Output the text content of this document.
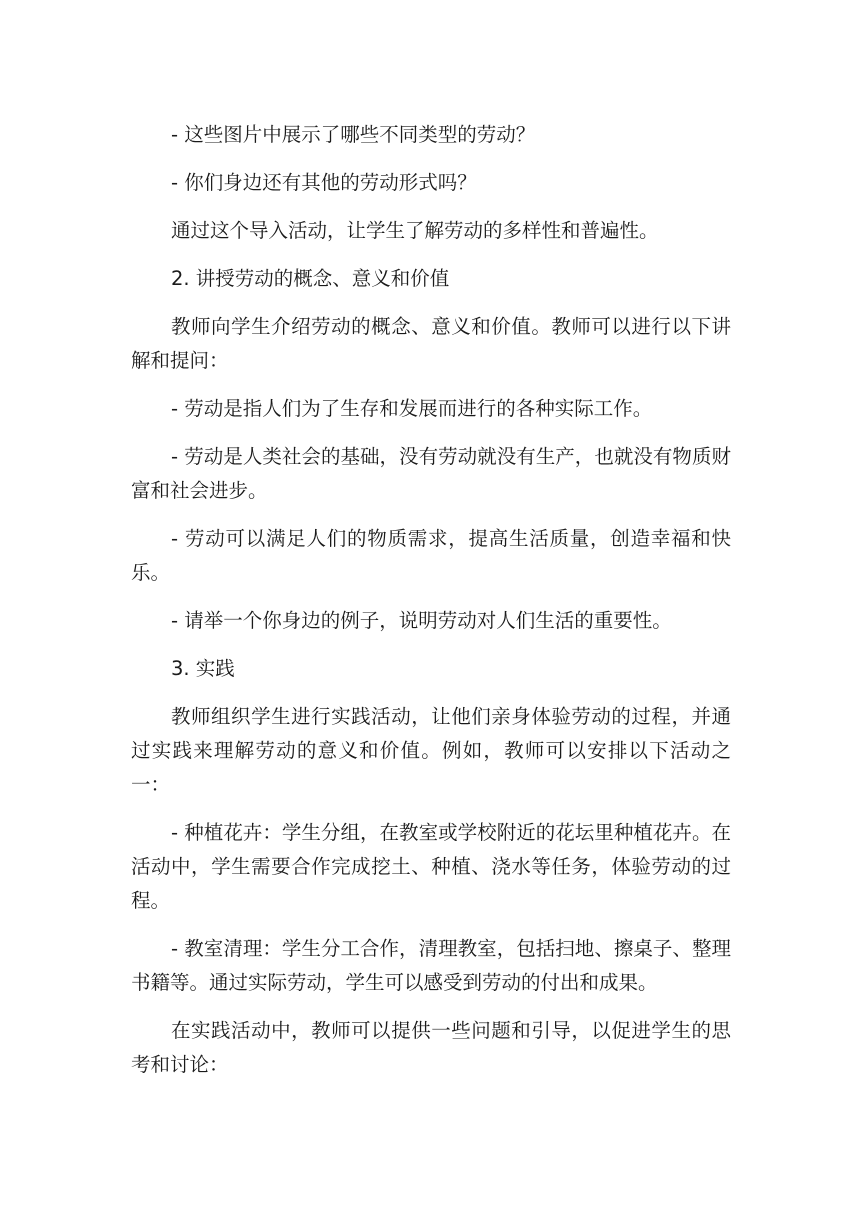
- 这些图片中展示了哪些不同类型的劳动？

- 你们身边还有其他的劳动形式吗？

通过这个导入活动，让学生了解劳动的多样性和普遍性。

2. 讲授劳动的概念、意义和价值

教师向学生介绍劳动的概念、意义和价值。教师可以进行以下讲解和提问：

- 劳动是指人们为了生存和发展而进行的各种实际工作。

- 劳动是人类社会的基础，没有劳动就没有生产，也就没有物质财富和社会进步。

- 劳动可以满足人们的物质需求，提高生活质量，创造幸福和快乐。

- 请举一个你身边的例子，说明劳动对人们生活的重要性。

3. 实践

教师组织学生进行实践活动，让他们亲身体验劳动的过程，并通过实践来理解劳动的意义和价值。例如，教师可以安排以下活动之一：

- 种植花卉：学生分组，在教室或学校附近的花坛里种植花卉。在活动中，学生需要合作完成挖土、种植、浇水等任务，体验劳动的过程。

- 教室清理：学生分工合作，清理教室，包括扫地、擦桌子、整理书籍等。通过实际劳动，学生可以感受到劳动的付出和成果。

在实践活动中，教师可以提供一些问题和引导，以促进学生的思考和讨论：
